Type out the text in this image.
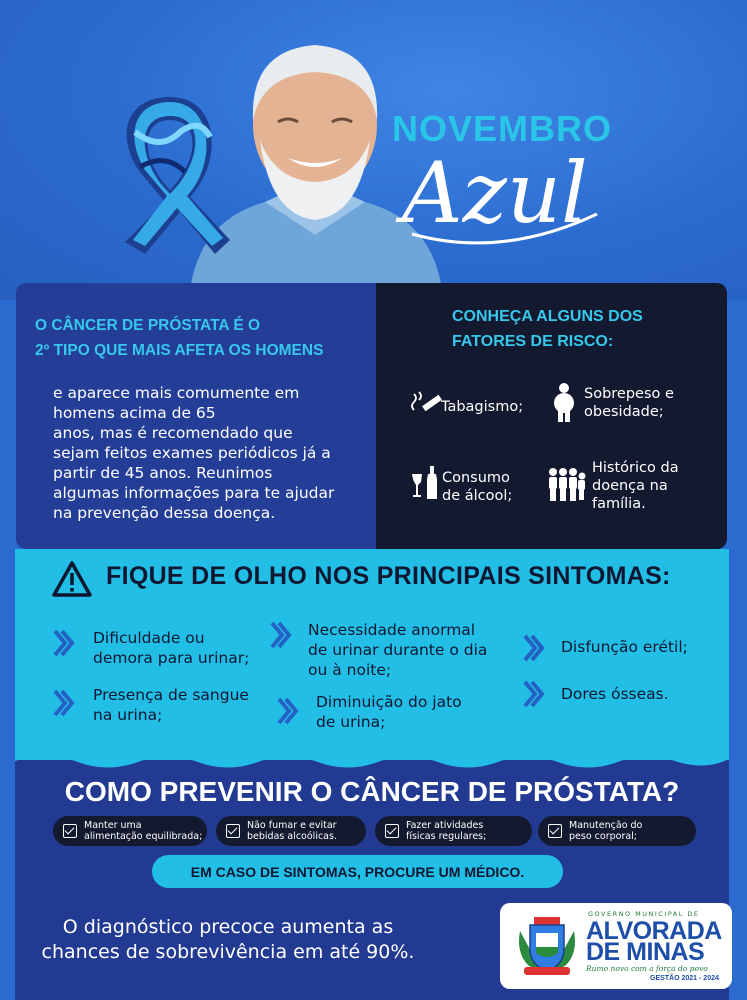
NOVEMBRO
Azul
O CÂNCER DE PRÓSTATA É O
2º TIPO QUE MAIS AFETA OS HOMENS
e aparece mais comumente em
homens acima de 65
anos, mas é recomendado que
sejam feitos exames periódicos já a
partir de 45 anos. Reunimos
algumas informações para te ajudar
na prevenção dessa doença.
CONHEÇA ALGUNS DOS
FATORES DE RISCO:
Tabagismo;
Sobrepeso e
obesidade;
Consumo
de álcool;
Histórico da
doença na
família.
FIQUE DE OLHO NOS PRINCIPAIS SINTOMAS:
Dificuldade ou
demora para urinar;
Necessidade anormal
de urinar durante o dia
ou à noite;
Disfunção erétil;
Presença de sangue
na urina;
Diminuição do jato
de urina;
Dores ósseas.
COMO PREVENIR O CÂNCER DE PRÓSTATA?
Manter uma
alimentação equilibrada;
Não fumar e evitar
bebidas alcoólicas.
Fazer atividades
físicas regulares;
Manutenção do
peso corporal;
EM CASO DE SINTOMAS, PROCURE UM MÉDICO.
O diagnóstico precoce aumenta as
chances de sobrevivência em até 90%.
GOVERNO MUNICIPAL DE
ALVORADA
DE MINAS
Rumo novo com a força do povo
GESTÃO 2021 - 2024
